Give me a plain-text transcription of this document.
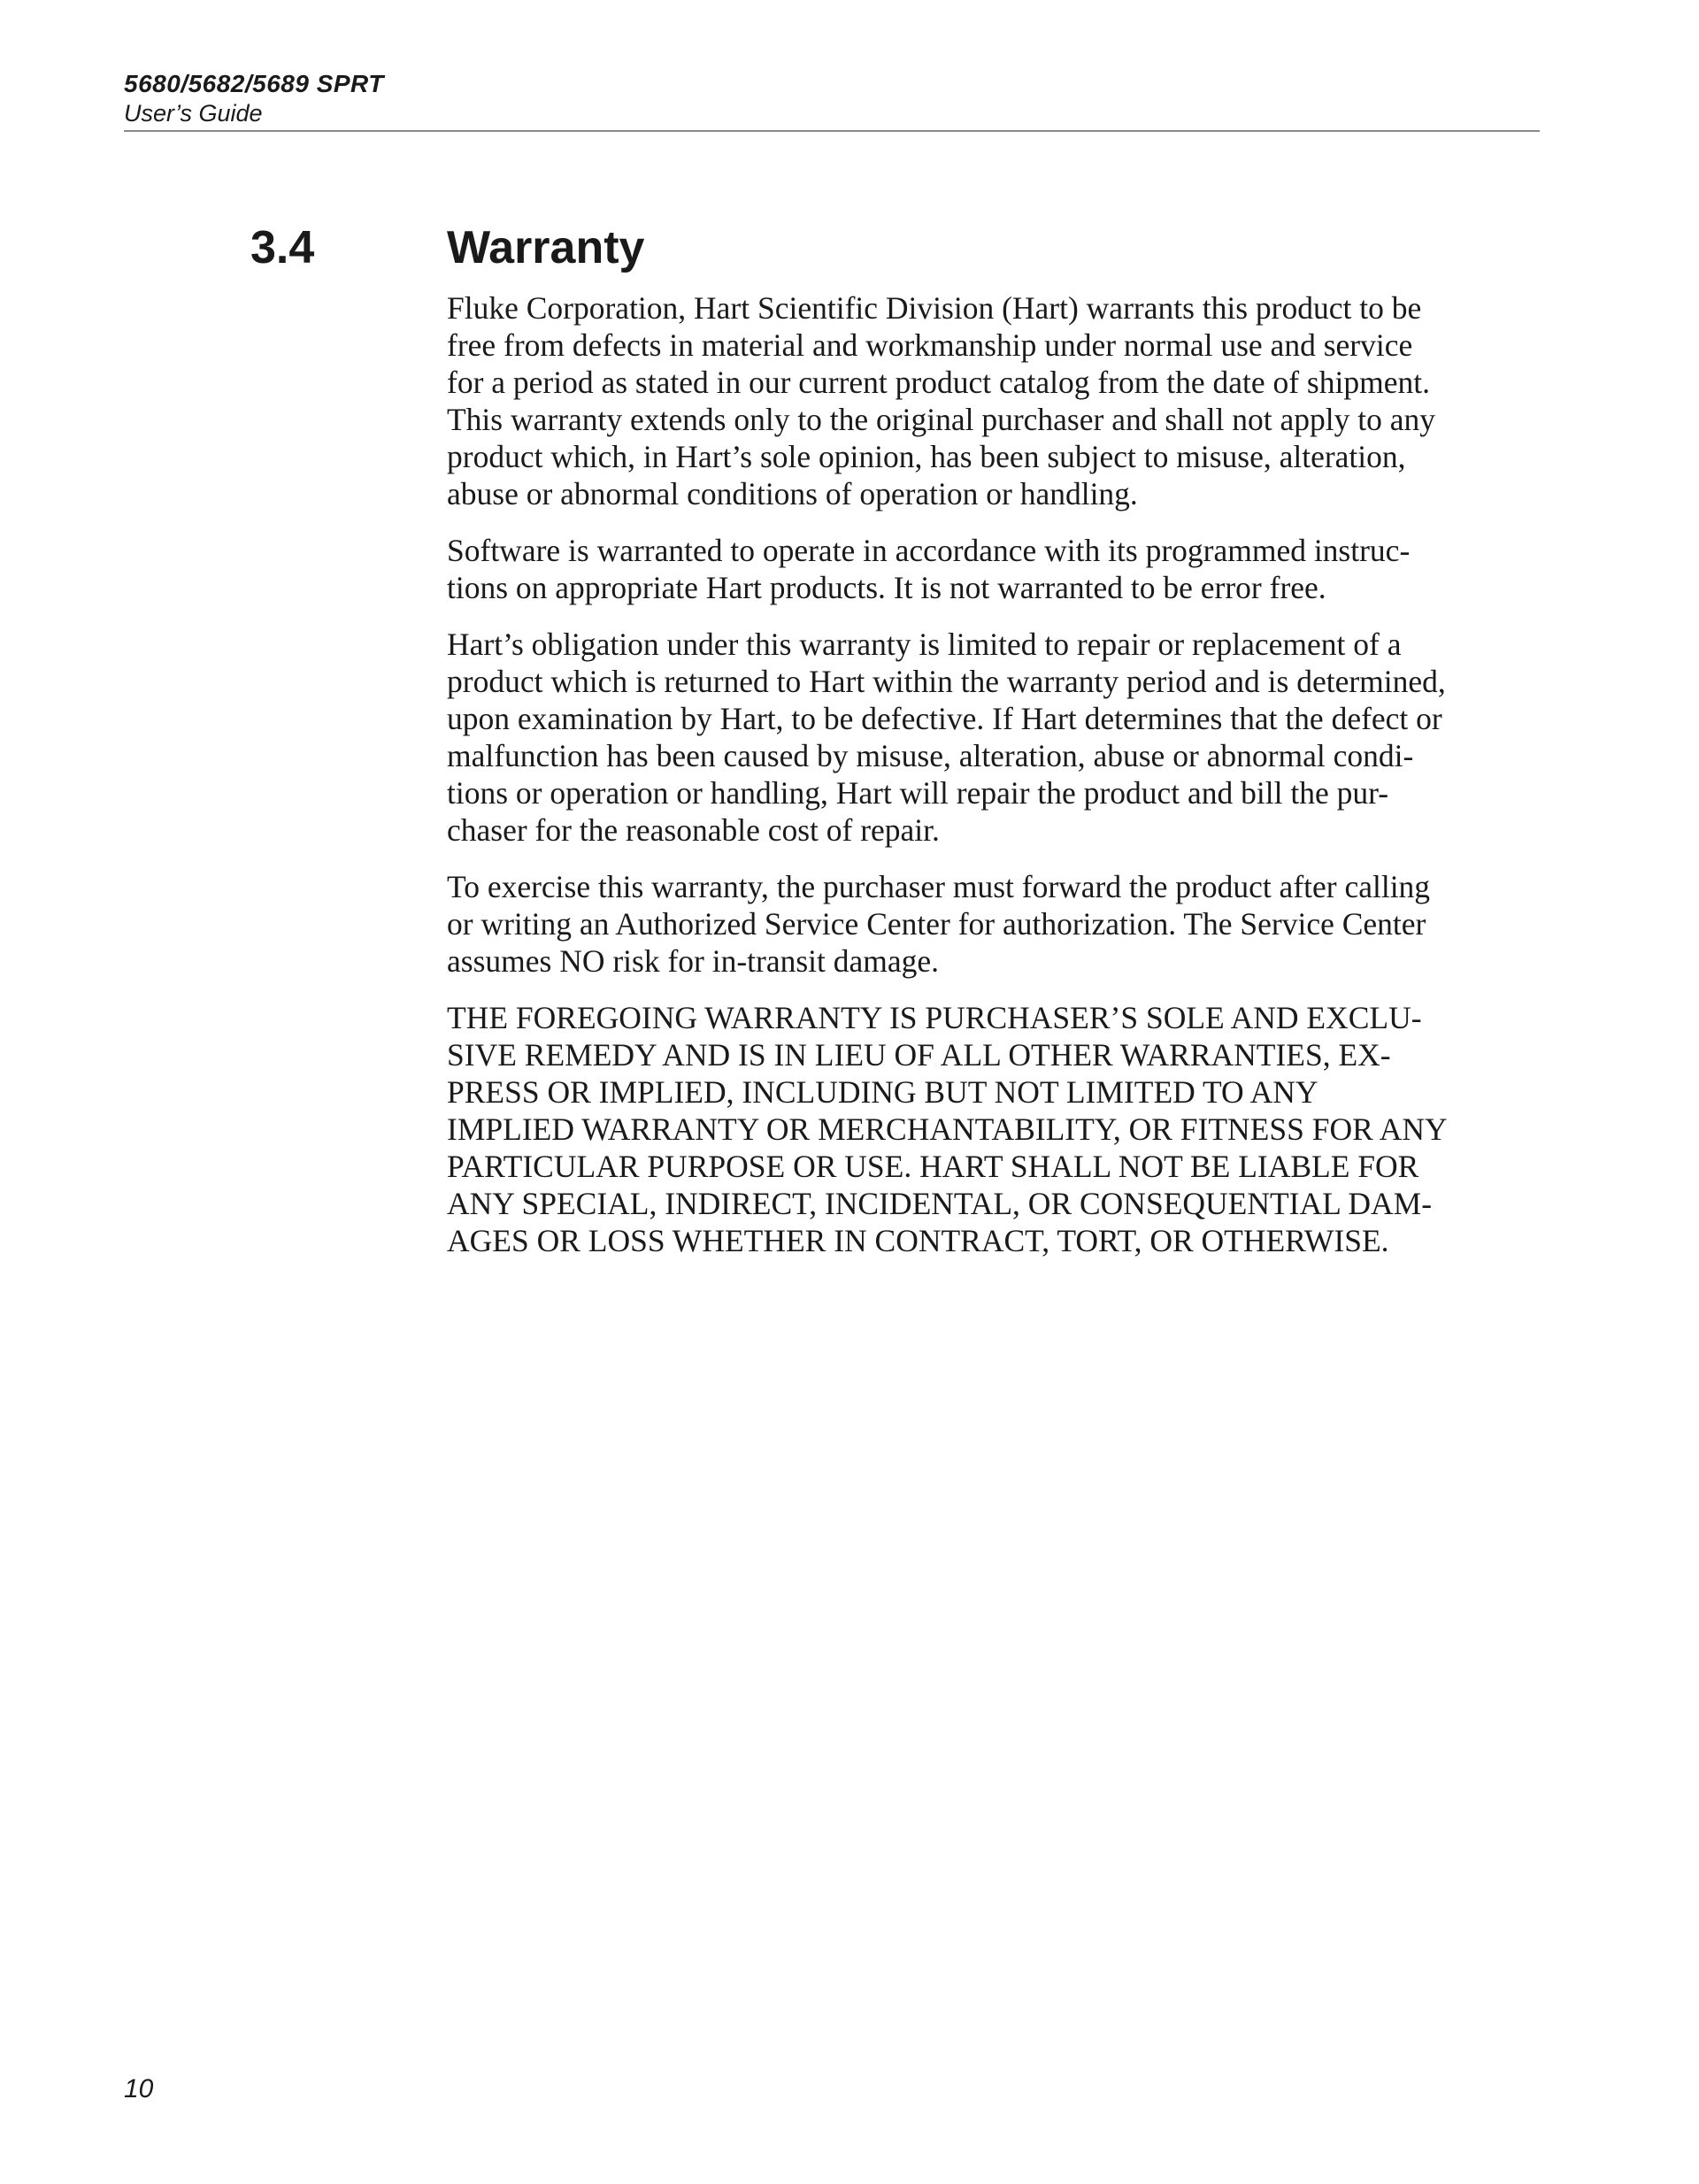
5680/5682/5689 SPRT
User’s Guide
3.4	Warranty
Fluke Corporation, Hart Scientific Division (Hart) warrants this product to be
free from defects in material and workmanship under normal use and service
for a period as stated in our current product catalog from the date of shipment.
This warranty extends only to the original purchaser and shall not apply to any
product which, in Hart’s sole opinion, has been subject to misuse, alteration,
abuse or abnormal conditions of operation or handling.
Software is warranted to operate in accordance with its programmed instruc-
tions on appropriate Hart products. It is not warranted to be error free.
Hart’s obligation under this warranty is limited to repair or replacement of a
product which is returned to Hart within the warranty period and is determined,
upon examination by Hart, to be defective. If Hart determines that the defect or
malfunction has been caused by misuse, alteration, abuse or abnormal condi-
tions or operation or handling, Hart will repair the product and bill the pur-
chaser for the reasonable cost of repair.
To exercise this warranty, the purchaser must forward the product after calling
or writing an Authorized Service Center for authorization. The Service Center
assumes NO risk for in-transit damage.
THE FOREGOING WARRANTY IS PURCHASER’S SOLE AND EXCLU-
SIVE REMEDY AND IS IN LIEU OF ALL OTHER WARRANTIES, EX-
PRESS OR IMPLIED, INCLUDING BUT NOT LIMITED TO ANY
IMPLIED WARRANTY OR MERCHANTABILITY, OR FITNESS FOR ANY
PARTICULAR PURPOSE OR USE. HART SHALL NOT BE LIABLE FOR
ANY SPECIAL, INDIRECT, INCIDENTAL, OR CONSEQUENTIAL DAM-
AGES OR LOSS WHETHER IN CONTRACT, TORT, OR OTHERWISE.
10
